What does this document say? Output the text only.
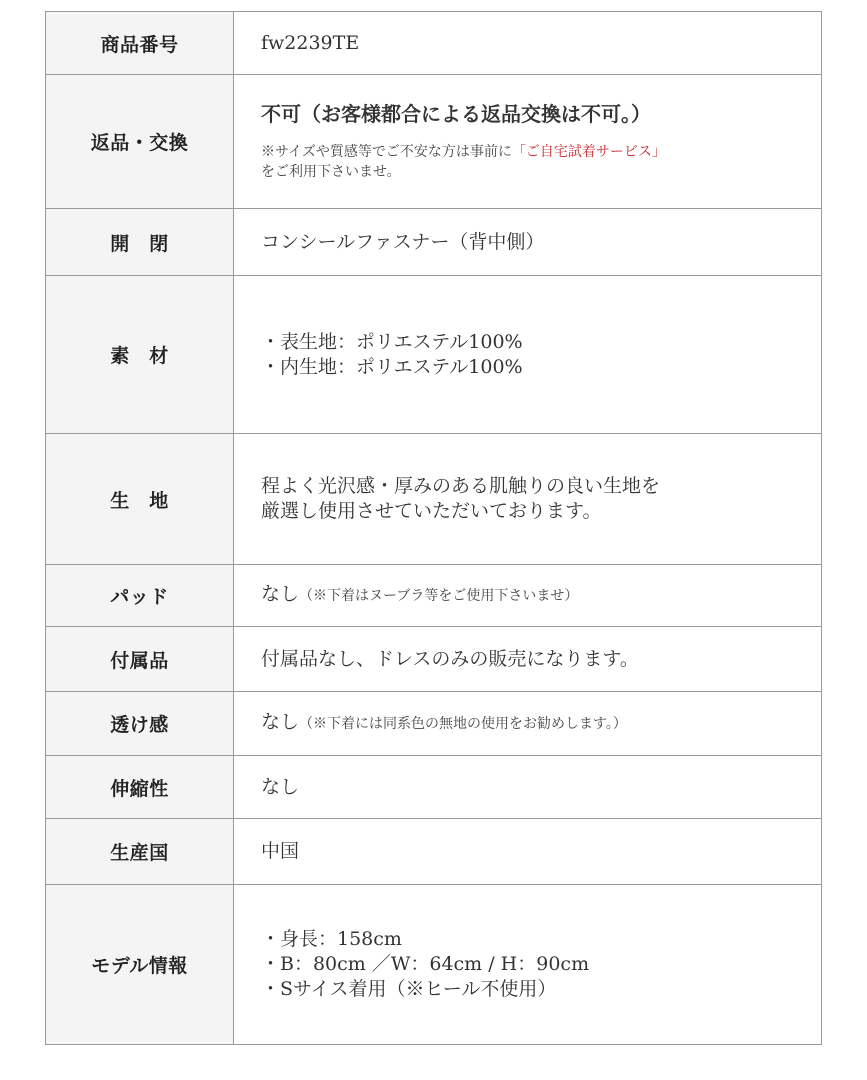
商品番号	fw2239TE
返品・交換	不可（お客様都合による返品交換は不可。）
※サイズや質感等でご不安な方は事前に「ご自宅試着サービス」
をご利用下さいませ。

開　閉	コンシールファスナー（背中側）
素　材	・表生地：ポリエステル100%
・内生地：ポリエステル100%

生　地	程よく光沢感・厚みのある肌触りの良い生地を
厳選し使用させていただいております。

パッド	なし（※下着はヌーブラ等をご使用下さいませ）
付属品	付属品なし、ドレスのみの販売になります。
透け感	なし（※下着には同系色の無地の使用をお勧めします。）
伸縮性	なし
生産国	中国
モデル情報	・身長：158cm
・B：80cm ／W：64cm / H：90cm
・Sサイス着用（※ヒール不使用）
